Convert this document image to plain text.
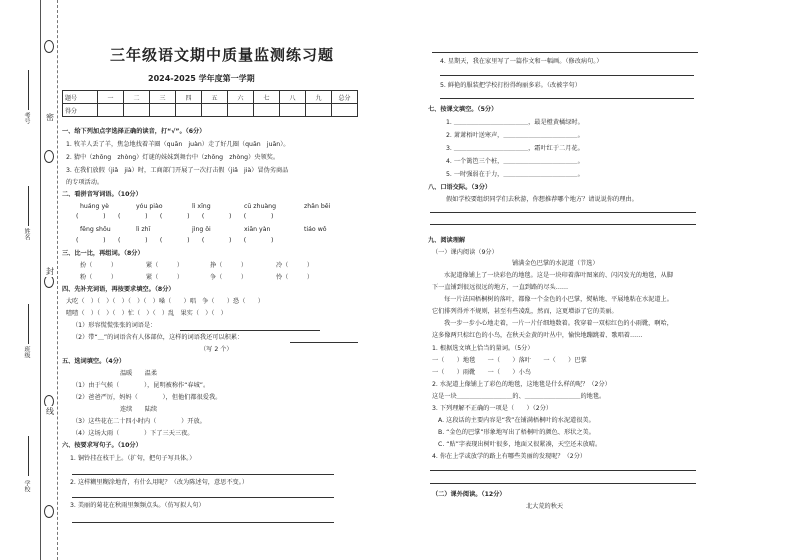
密
封
线
考号
姓名
班级
学校
三年级语文期中质量监测练习题
2024-2025 学年度第一学期
题号	一	二	三	四	五	六	七	八	九	总分
得分										
一、给下列加点字选择正确的读音，打“√”。（6分）
1. 牧羊人丢了羊，焦急地找着羊圈（quān　juàn）走了好几圈（quān　juān）。
2. 猜中（zhōng　zhòng）灯谜的妹妹到舞台中（zhōng　zhòng）央领奖。
3. 在我们放假（jiǎ　jià）时，工商部门开展了一次打击假（jiǎ　jià）冒伪劣商品
的专项活动。
二、看拼音写词语。（10分）
huáng yè	yóu piào	lì xīng	cū zhuàng	zhǎn bēi
(　　　　)　　(　　　　)　　(　　　　)　　(　　　　)　　(　　　　)
fēng shōu	lì zhī	jìng ǒi	xiān yàn	tiáo wǒ
(　　　　)　　(　　　　)　　(　　　　)　　(　　　　)　　(　　　　)
三、比一比，再组词。（8分）
扮（　　　）	紧（　　　）	挣（　　　）	冷（　　　）
粉（　　　）	紧（　　　）	争（　　　）	怜（　　　）
四、先补充词语，再按要求填空。（8分）
大吃（　）（　）（　）（　）（　）嗓（　　）唱　争（　　）恐（　　）
喳喳（　）（　）（　）忙（　）（　）乱　果实（　）（　）
（1）形容慌慌张张的词语是：
（2）带“＿”的词语含有人体部位，这样的词语我还可以积累：
（写 2 个）
五、选词填空。（4分）
温暖　　温柔
（1）由于气候（　　　　），昆明被称作“春城”。
（2）爸爸严厉，妈妈（　　　　），但他们都很爱我。
连续　　陆续
（3）这些花在二十四小时内（　　　　）开放。
（4）这场大雨（　　　　）下了三天三夜。
六、按要求写句子。（10分）
1. 铜铃挂在枝干上。（扩句，把句子写具体。）
2. 这样糊里糊涂地背，有什么用呢？（改为陈述句，意思不变。）
3. 美丽的菊花在秋雨里频频点头。（仿写拟人句）
4. 星期天，我在家里写了一篇作文和一幅画。（修改病句。）
5. 鲜艳的服装把学校打扮得绚丽多彩。（改被字句）
七、按课文填空。（5分）
1. ＿＿＿＿＿＿＿＿＿＿＿＿，最是橙黄橘绿时。
2. 萧萧梧叶送寒声，＿＿＿＿＿＿＿＿＿＿＿＿。
3. ＿＿＿＿＿＿＿＿＿＿＿＿，霜叶红于二月花。
4. 一个篱笆三个桩，＿＿＿＿＿＿＿＿＿＿＿＿。
5. 一时强弱在于力，＿＿＿＿＿＿＿＿＿＿＿＿。
八、口语交际。（3分）
假如学校要组织同学们去秋游，你想推荐哪个地方？请说说你的理由。
九、阅读理解
（一）课内阅读（9分）
铺满金色巴掌的水泥道（节选）
水泥道像铺上了一块彩色的地毯。这是一块印着落叶图案的、闪闪发光的地毯，从脚
下一直铺到很远很远的地方，一直到路的尽头……
每一片法国梧桐树的落叶，都像一个金色的小巴掌，熨帖地、平展地粘在水泥道上。
它们排列得并不规则，甚至有些凌乱，然而，这更增添了它的美丽。
我一步一步小心地走着，一片一片仔细地数着。我穿着一双棕红色的小雨靴，啊哈，
这多像两只棕红色的小鸟，在秋天金黄的叶丛中，愉快地蹦跳着、歌唱着……
1. 根据选文填上恰当的量词。（5分）
一（　　）地毯　　一（　　）落叶　　一（　　）巴掌
一（　　）雨靴　　一（　　）小鸟
2. 水泥道上像铺上了彩色的地毯，这地毯是什么样的呢？（2分）
这是一块＿＿＿＿＿＿＿＿＿的、＿＿＿＿＿＿＿＿＿的地毯。
3. 下列理解不正确的一项是（　　）（2分）
A. 这段话的主要内容是“我”在铺满梧桐叶的水泥道很美。
B. “金色的巴掌”形象地写出了梧桐叶的颜色、形状之美。
C. “贴”字表现出树叶很多，地面又很紧凑，天空还未放晴。
4. 你在上学或放学的路上有哪些美丽的发现呢？（2分）
（二）课外阅读。（12分）
北大荒的秋天
